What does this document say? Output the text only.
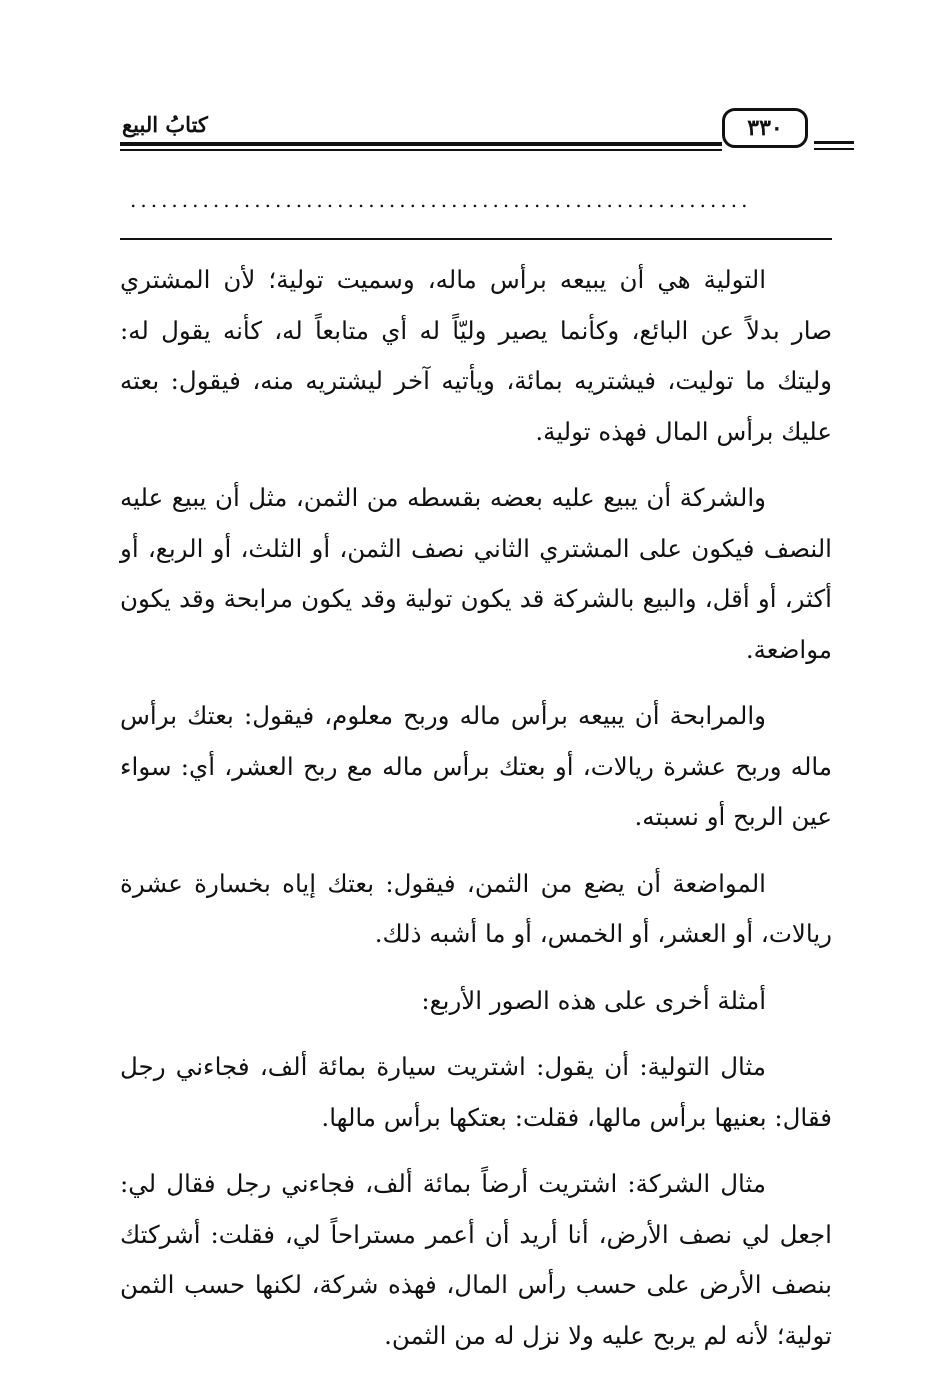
كتابُ البيع	٣٣٠
............................................................

التولية هي أن يبيعه برأس ماله، وسميت تولية؛ لأن المشتري صار بدلاً عن البائع، وكأنما يصير وليّاً له أي متابعاً له، كأنه يقول له: وليتك ما توليت، فيشتريه بمائة، ويأتيه آخر ليشتريه منه، فيقول: بعته عليك برأس المال فهذه تولية.

والشركة أن يبيع عليه بعضه بقسطه من الثمن، مثل أن يبيع عليه النصف فيكون على المشتري الثاني نصف الثمن، أو الثلث، أو الربع، أو أكثر، أو أقل، والبيع بالشركة قد يكون تولية وقد يكون مرابحة وقد يكون مواضعة.

والمرابحة أن يبيعه برأس ماله وربح معلوم، فيقول: بعتك برأس ماله وربح عشرة ريالات، أو بعتك برأس ماله مع ربح العشر، أي: سواء عين الربح أو نسبته.

المواضعة أن يضع من الثمن، فيقول: بعتك إياه بخسارة عشرة ريالات، أو العشر، أو الخمس، أو ما أشبه ذلك.

أمثلة أخرى على هذه الصور الأربع:

مثال التولية: أن يقول: اشتريت سيارة بمائة ألف، فجاءني رجل فقال: بعنيها برأس مالها، فقلت: بعتكها برأس مالها.

مثال الشركة: اشتريت أرضاً بمائة ألف، فجاءني رجل فقال لي: اجعل لي نصف الأرض، أنا أريد أن أعمر مستراحاً لي، فقلت: أشركتك بنصف الأرض على حسب رأس المال، فهذه شركة، لكنها حسب الثمن تولية؛ لأنه لم يربح عليه ولا نزل له من الثمن.
